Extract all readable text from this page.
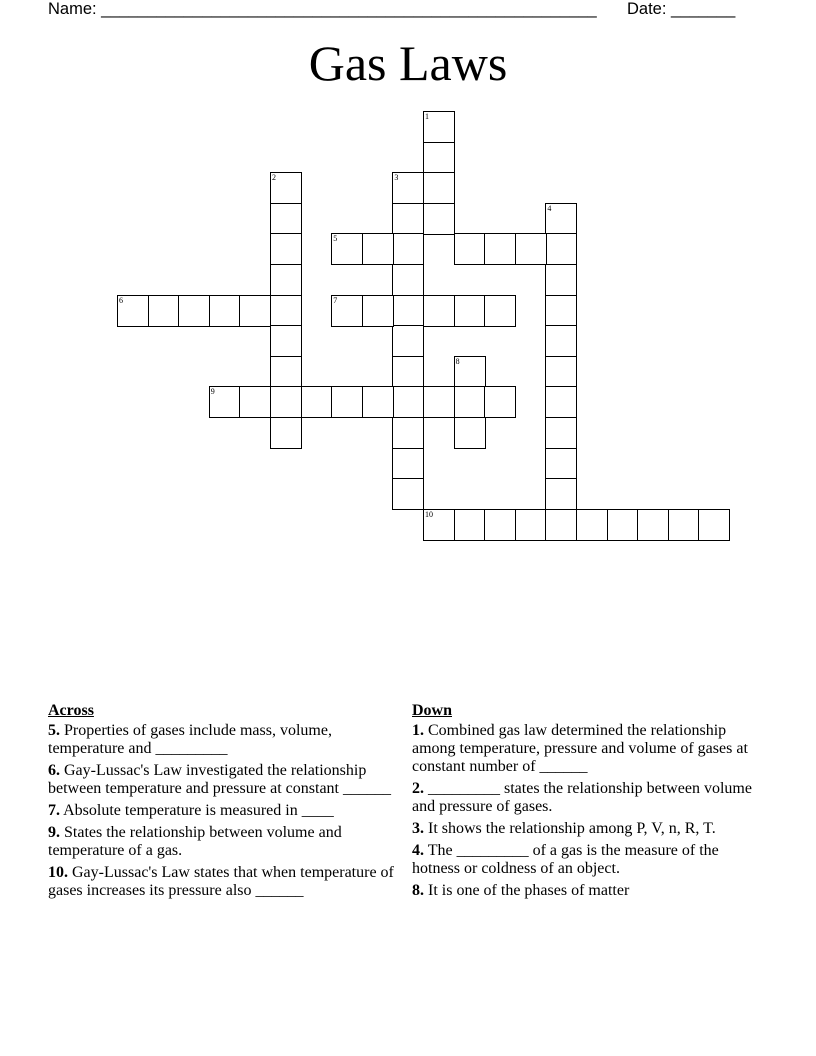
Name: ______________________________________________________ Date: _______
Gas Laws
1
2	3
4
5
6	7
8
9
10
Across
5. Properties of gases include mass, volume, temperature and _________
6. Gay-Lussac's Law investigated the relationship between temperature and pressure at constant ______
7. Absolute temperature is measured in ____
9. States the relationship between volume and temperature of a gas.
10. Gay-Lussac's Law states that when temperature of gases increases its pressure also ______
Down
1. Combined gas law determined the relationship among temperature, pressure and volume of gases at constant number of ______
2. _________ states the relationship between volume and pressure of gases.
3. It shows the relationship among P, V, n, R, T.
4. The _________ of a gas is the measure of the hotness or coldness of an object.
8. It is one of the phases of matter
